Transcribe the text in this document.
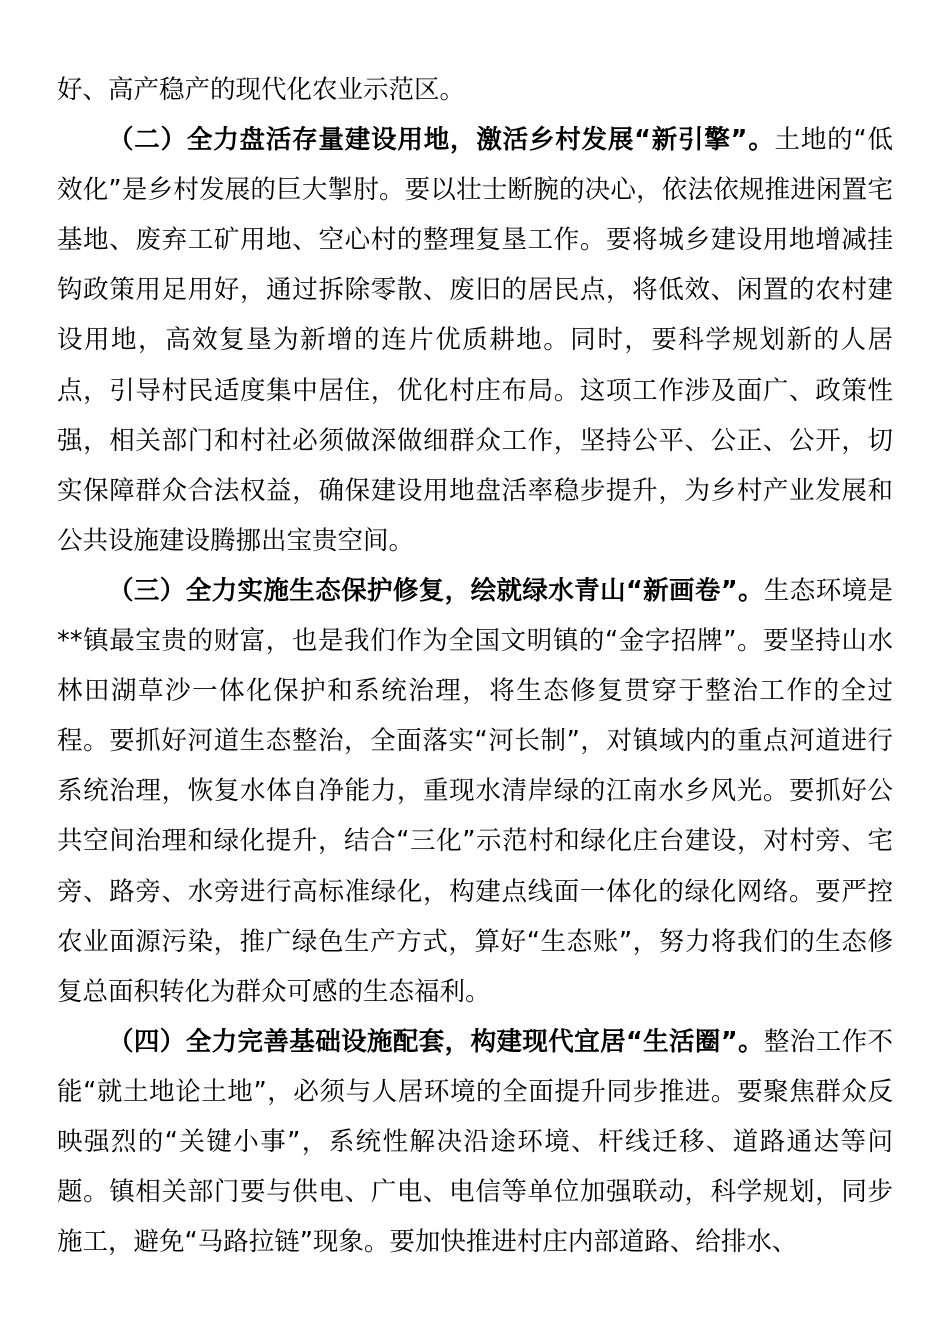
好、高产稳产的现代化农业示范区。

（二）全力盘活存量建设用地，激活乡村发展“新引擎”。土地的“低效化”是乡村发展的巨大掣肘。要以壮士断腕的决心，依法依规推进闲置宅基地、废弃工矿用地、空心村的整理复垦工作。要将城乡建设用地增减挂钩政策用足用好，通过拆除零散、废旧的居民点，将低效、闲置的农村建设用地，高效复垦为新增的连片优质耕地。同时，要科学规划新的人居点，引导村民适度集中居住，优化村庄布局。这项工作涉及面广、政策性强，相关部门和村社必须做深做细群众工作，坚持公平、公正、公开，切实保障群众合法权益，确保建设用地盘活率稳步提升，为乡村产业发展和公共设施建设腾挪出宝贵空间。

（三）全力实施生态保护修复，绘就绿水青山“新画卷”。生态环境是**镇最宝贵的财富，也是我们作为全国文明镇的“金字招牌”。要坚持山水林田湖草沙一体化保护和系统治理，将生态修复贯穿于整治工作的全过程。要抓好河道生态整治，全面落实“河长制”，对镇域内的重点河道进行系统治理，恢复水体自净能力，重现水清岸绿的江南水乡风光。要抓好公共空间治理和绿化提升，结合“三化”示范村和绿化庄台建设，对村旁、宅旁、路旁、水旁进行高标准绿化，构建点线面一体化的绿化网络。要严控农业面源污染，推广绿色生产方式，算好“生态账”，努力将我们的生态修复总面积转化为群众可感的生态福利。

（四）全力完善基础设施配套，构建现代宜居“生活圈”。整治工作不能“就土地论土地”，必须与人居环境的全面提升同步推进。要聚焦群众反映强烈的“关键小事”，系统性解决沿途环境、杆线迁移、道路通达等问题。镇相关部门要与供电、广电、电信等单位加强联动，科学规划，同步施工，避免“马路拉链”现象。要加快推进村庄内部道路、给排水、
